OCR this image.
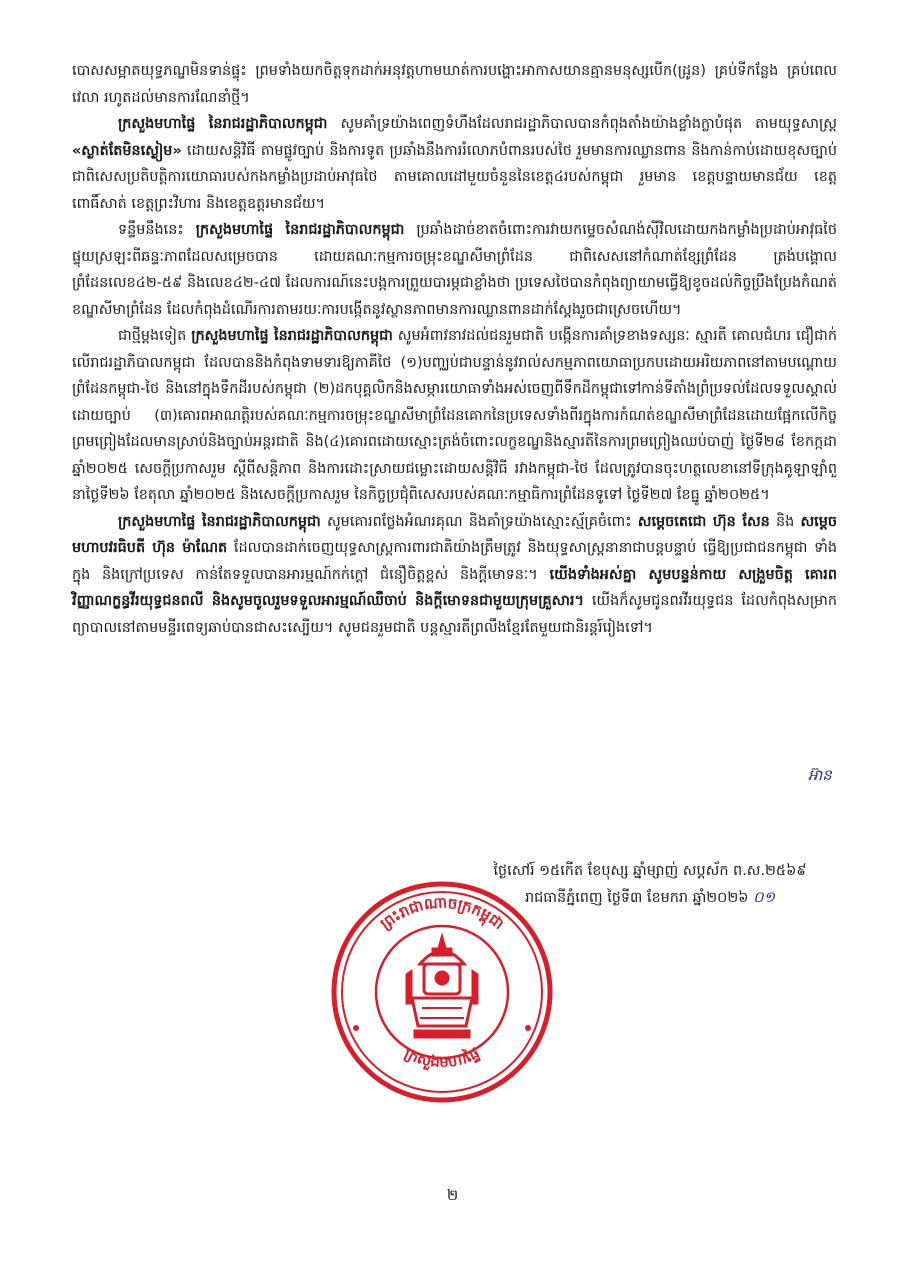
បោសសម្អាតយុទ្ធភណ្ឌមិនទាន់ផ្ទុះ ព្រមទាំងយកចិត្តទុកដាក់អនុវត្តហាមឃាត់ការបង្ហោះអាកាសយានគ្មានមនុស្សបើក(ដ្រូន) គ្រប់ទីកន្លែង គ្រប់ពេលវេលា រហូតដល់មានការណែនាំថ្មី។

ក្រសួងមហាផ្ទៃ នៃរាជរដ្ឋាភិបាលកម្ពុជា សូមគាំទ្រយ៉ាងពេញទំហឹងដែលរាជរដ្ឋាភិបាលបានកំពុងតាំងយ៉ាងខ្លាំងក្លាបំផុត តាមយុទ្ធសាស្ត្រ «ស្ងាត់តែមិនស្ងៀម» ដោយសន្តិវិធី តាមផ្លូវច្បាប់ និងការទូត ប្រឆាំងនឹងការរំលោភបំពានរបស់ថៃ រួមមានការឈ្លានពាន និងកាន់កាប់ដោយខុសច្បាប់ ជាពិសេសប្រតិបត្តិការយោធារបស់កងកម្លាំងប្រដាប់អាវុធថៃ តាមគោលដៅមួយចំនួននៃខេត្ត៤របស់កម្ពុជា រួមមាន ខេត្តបន្ទាយមានជ័យ ខេត្តពោធិ៍សាត់ ខេត្តព្រះវិហារ និងខេត្តឧត្តរមានជ័យ។

ទន្ទឹមនឹងនេះ ក្រសួងមហាផ្ទៃ នៃរាជរដ្ឋាភិបាលកម្ពុជា ប្រឆាំងដាច់ខាតចំពោះការវាយកម្ទេចសំណង់ស៊ីវិលដោយកងកម្លាំងប្រដាប់អាវុធថៃ ផ្ទុយស្រឡះពីឆន្ទៈភាពដែលសម្រេចបាន ដោយគណៈកម្មការចម្រុះខណ្ឌសីមាព្រំដែន ជាពិសេសនៅកំណាត់ខ្សែព្រំដែន ត្រង់បង្គោលព្រំដែនលេខ៤២-៥៩ និងលេខ៤២-៤៧ ដែលការណ៍នេះបង្កការព្រួយបារម្ភជាខ្លាំងថា ប្រទេសថៃបានកំពុងព្យាយាមធ្វើឱ្យខូចដល់កិច្ចប្រឹងប្រែងកំណត់ខណ្ឌសីមាព្រំដែន ដែលកំពុងដំណើរការតាមរយៈការបង្កើតនូវស្ថានភាពមានការឈ្លានពានដាក់ស្ដែងរួចជាស្រេចហើយ។

ជាថ្មីម្ដងទៀត ក្រសួងមហាផ្ទៃ នៃរាជរដ្ឋាភិបាលកម្ពុជា សូមអំពាវនាវដល់ជនរួមជាតិ បង្កើនការគាំទ្រខាងទស្សនៈ ស្មារតី គោលជំហរ ជឿជាក់លើរាជរដ្ឋាភិបាលកម្ពុជា ដែលបាននិងកំពុងទាមទារឱ្យភាគីថៃ (១)បញ្ឈប់ជាបន្ទាន់នូវរាល់សកម្មភាពយោធាប្រកបដោយអរិយភាពនៅតាមបណ្ដោយព្រំដែនកម្ពុជា-ថៃ និងនៅក្នុងទឹកដីរបស់កម្ពុជា (២)ដកបុគ្គលិកនិងសម្ភារយោធាទាំងអស់ចេញពីទឹកដីកម្ពុជាទៅកាន់ទីតាំងព្រំប្រទល់ដែលទទួលស្គាល់ដោយច្បាប់ (៣)គោរពអាណត្តិរបស់គណៈកម្មការចម្រុះខណ្ឌសីមាព្រំដែនគោកនៃប្រទេសទាំងពីរក្នុងការកំណត់ខណ្ឌសីមាព្រំដែនដោយផ្អែកលើកិច្ចព្រមព្រៀងដែលមានស្រាប់និងច្បាប់អន្តរជាតិ និង(៤)គោរពដោយស្មោះត្រង់ចំពោះលក្ខខណ្ឌនិងស្មារតីនៃការព្រមព្រៀងឈប់បាញ់ ថ្ងៃទី២៨ ខែកក្កដា ឆ្នាំ២០២៥ សេចក្ដីប្រកាសរួម ស្ដីពីសន្តិភាព និងការដោះស្រាយជម្លោះដោយសន្តិវិធី រវាងកម្ពុជា-ថៃ ដែលត្រូវបានចុះហត្ថលេខានៅទីក្រុងគូឡាឡាំពួ នាថ្ងៃទី២៦ ខែតុលា ឆ្នាំ២០២៥ និងសេចក្ដីប្រកាសរួម នៃកិច្ចប្រជុំពិសេសរបស់គណៈកម្មាធិការព្រំដែនទូទៅ ថ្ងៃទី២៧ ខែធ្នូ ឆ្នាំ២០២៥។

ក្រសួងមហាផ្ទៃ នៃរាជរដ្ឋាភិបាលកម្ពុជា សូមគោរពថ្លែងអំណរគុណ និងគាំទ្រយ៉ាងស្មោះស្ម័គ្រចំពោះ សម្ដេចតេជោ ហ៊ុន សែន និង សម្ដេចមហាបវរធិបតី ហ៊ុន ម៉ាណែត ដែលបានដាក់ចេញយុទ្ធសាស្ត្រការពារជាតិយ៉ាងត្រឹមត្រូវ និងយុទ្ធសាស្ត្រនានាជាបន្តបន្ទាប់ ធ្វើឱ្យប្រជាជនកម្ពុជា ទាំងក្នុង និងក្រៅប្រទេស កាន់តែទទួលបានអារម្មណ៍កក់ក្ដៅ ជំនឿចិត្តខ្ពស់ និងក្ដីមោទនៈ។ យើងទាំងអស់គ្នា សូមបន្ទន់កាយ សង្រួមចិត្ត គោរពវិញ្ញាណក្ខន្ធវីរយុទ្ធជនពលី និងសូមចូលរួមទទួលអារម្មណ៍ឈឺចាប់ និងក្ដីមោទនជាមួយក្រុមគ្រួសារ។ យើងក៏សូមជូនពរវីរយុទ្ធជន ដែលកំពុងសម្រាកព្យាបាលនៅតាមមន្ទីរពេទ្យឆាប់បានជាសះស្បើយ។ សូមជនរួមជាតិ បន្តស្មារតីព្រលឹងខ្មែរតែមួយជានិរន្តរ៍រៀងទៅ។

អ៊ាន
ព្រះរាជាណាចក្រកម្ពុជា
ក្រសួងមហាផ្ទៃ
ថ្ងៃសៅរ៍ ១៥កើត ខែបុស្ស ឆ្នាំម្សាញ់ សប្តស័ក ព.ស.២៥៦៩
រាជធានីភ្នំពេញ ថ្ងៃទី៣ ខែមករា ឆ្នាំ២០២៦ ០១
២
